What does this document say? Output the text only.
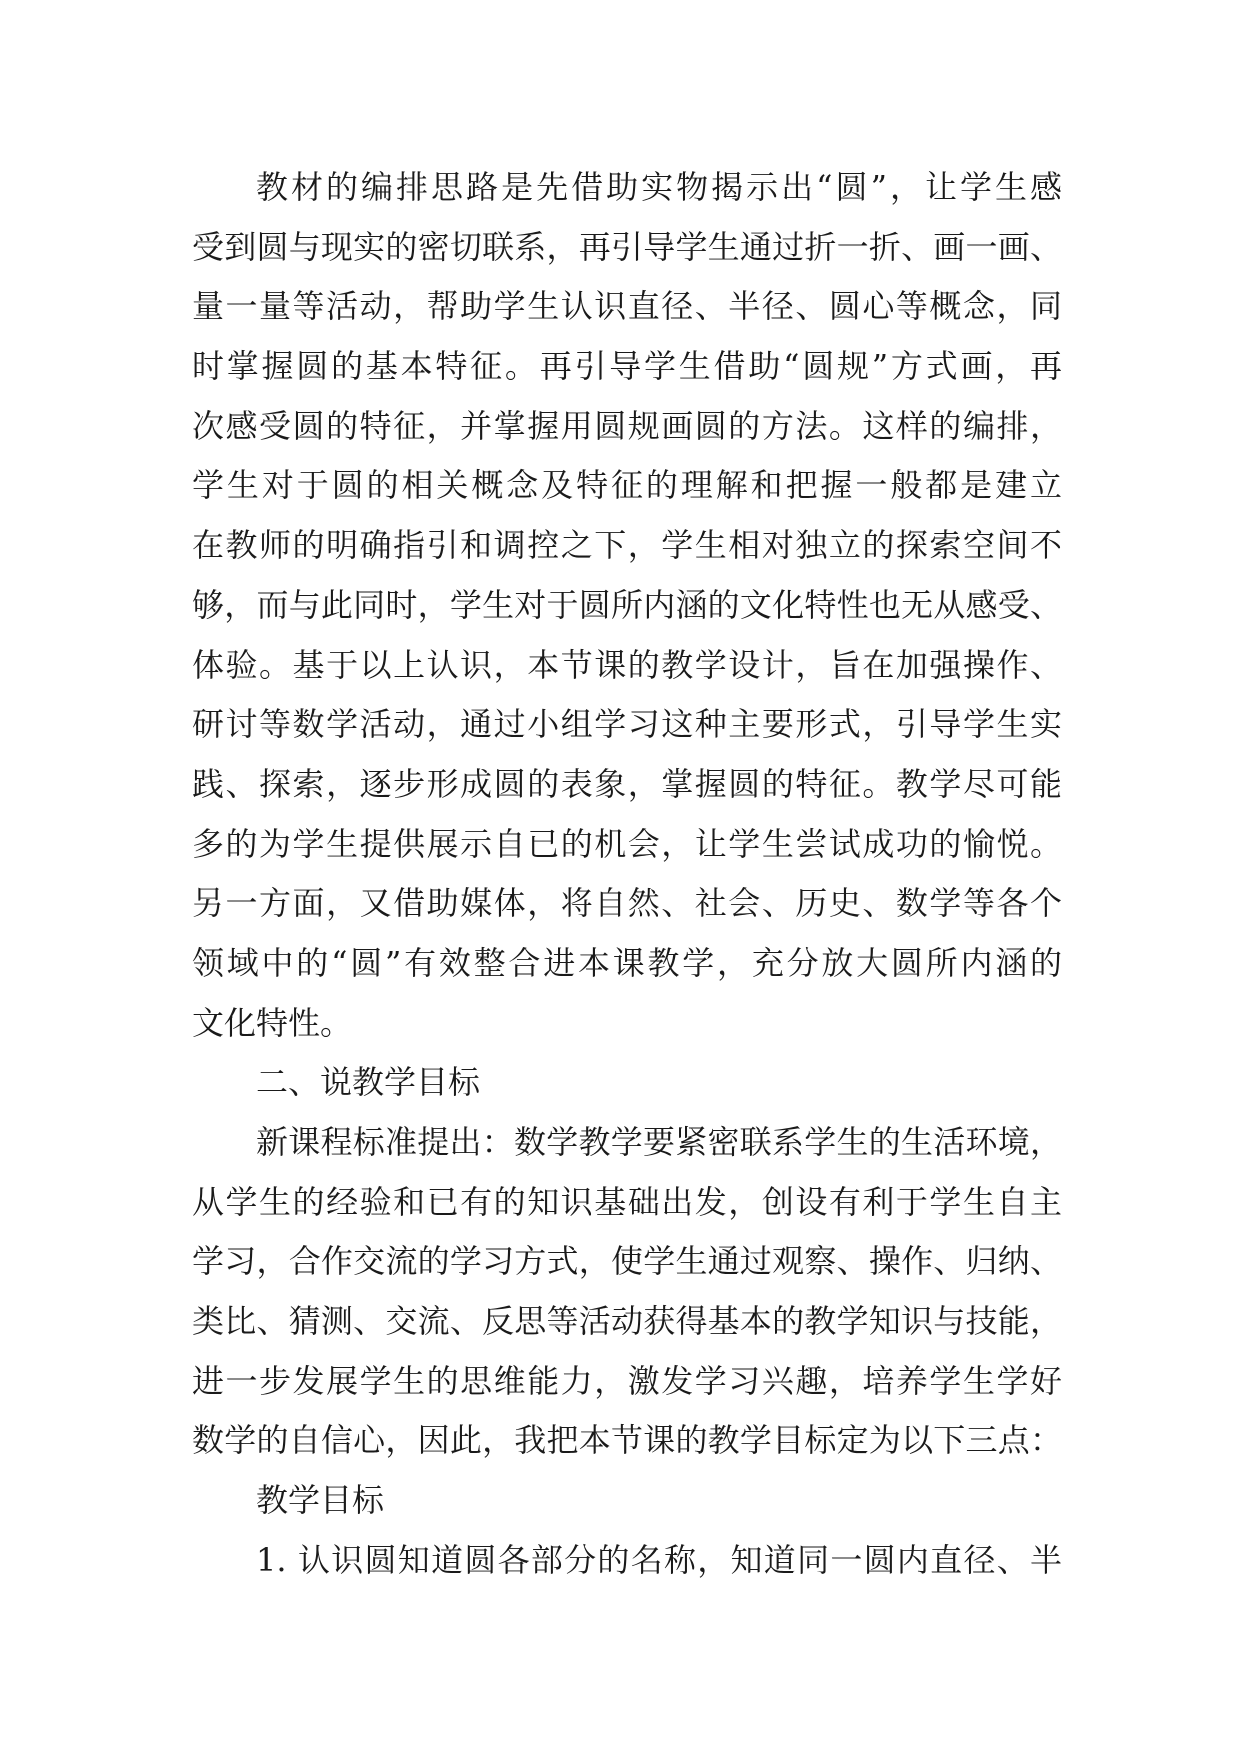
教材的编排思路是先借助实物揭示出“圆”，让学生感
受到圆与现实的密切联系，再引导学生通过折一折、画一画、
量一量等活动，帮助学生认识直径、半径、圆心等概念，同
时掌握圆的基本特征。再引导学生借助“圆规”方式画，再
次感受圆的特征，并掌握用圆规画圆的方法。这样的编排，
学生对于圆的相关概念及特征的理解和把握一般都是建立
在教师的明确指引和调控之下，学生相对独立的探索空间不
够，而与此同时，学生对于圆所内涵的文化特性也无从感受、
体验。基于以上认识，本节课的教学设计，旨在加强操作、
研讨等数学活动，通过小组学习这种主要形式，引导学生实
践、探索，逐步形成圆的表象，掌握圆的特征。教学尽可能
多的为学生提供展示自已的机会，让学生尝试成功的愉悦。
另一方面，又借助媒体，将自然、社会、历史、数学等各个
领域中的“圆”有效整合进本课教学，充分放大圆所内涵的
文化特性。
二、说教学目标
新课程标准提出：数学教学要紧密联系学生的生活环境，
从学生的经验和已有的知识基础出发，创设有利于学生自主
学习，合作交流的学习方式，使学生通过观察、操作、归纳、
类比、猜测、交流、反思等活动获得基本的教学知识与技能，
进一步发展学生的思维能力，激发学习兴趣，培养学生学好
数学的自信心，因此，我把本节课的教学目标定为以下三点：
教学目标
1. 认识圆知道圆各部分的名称，知道同一圆内直径、半
